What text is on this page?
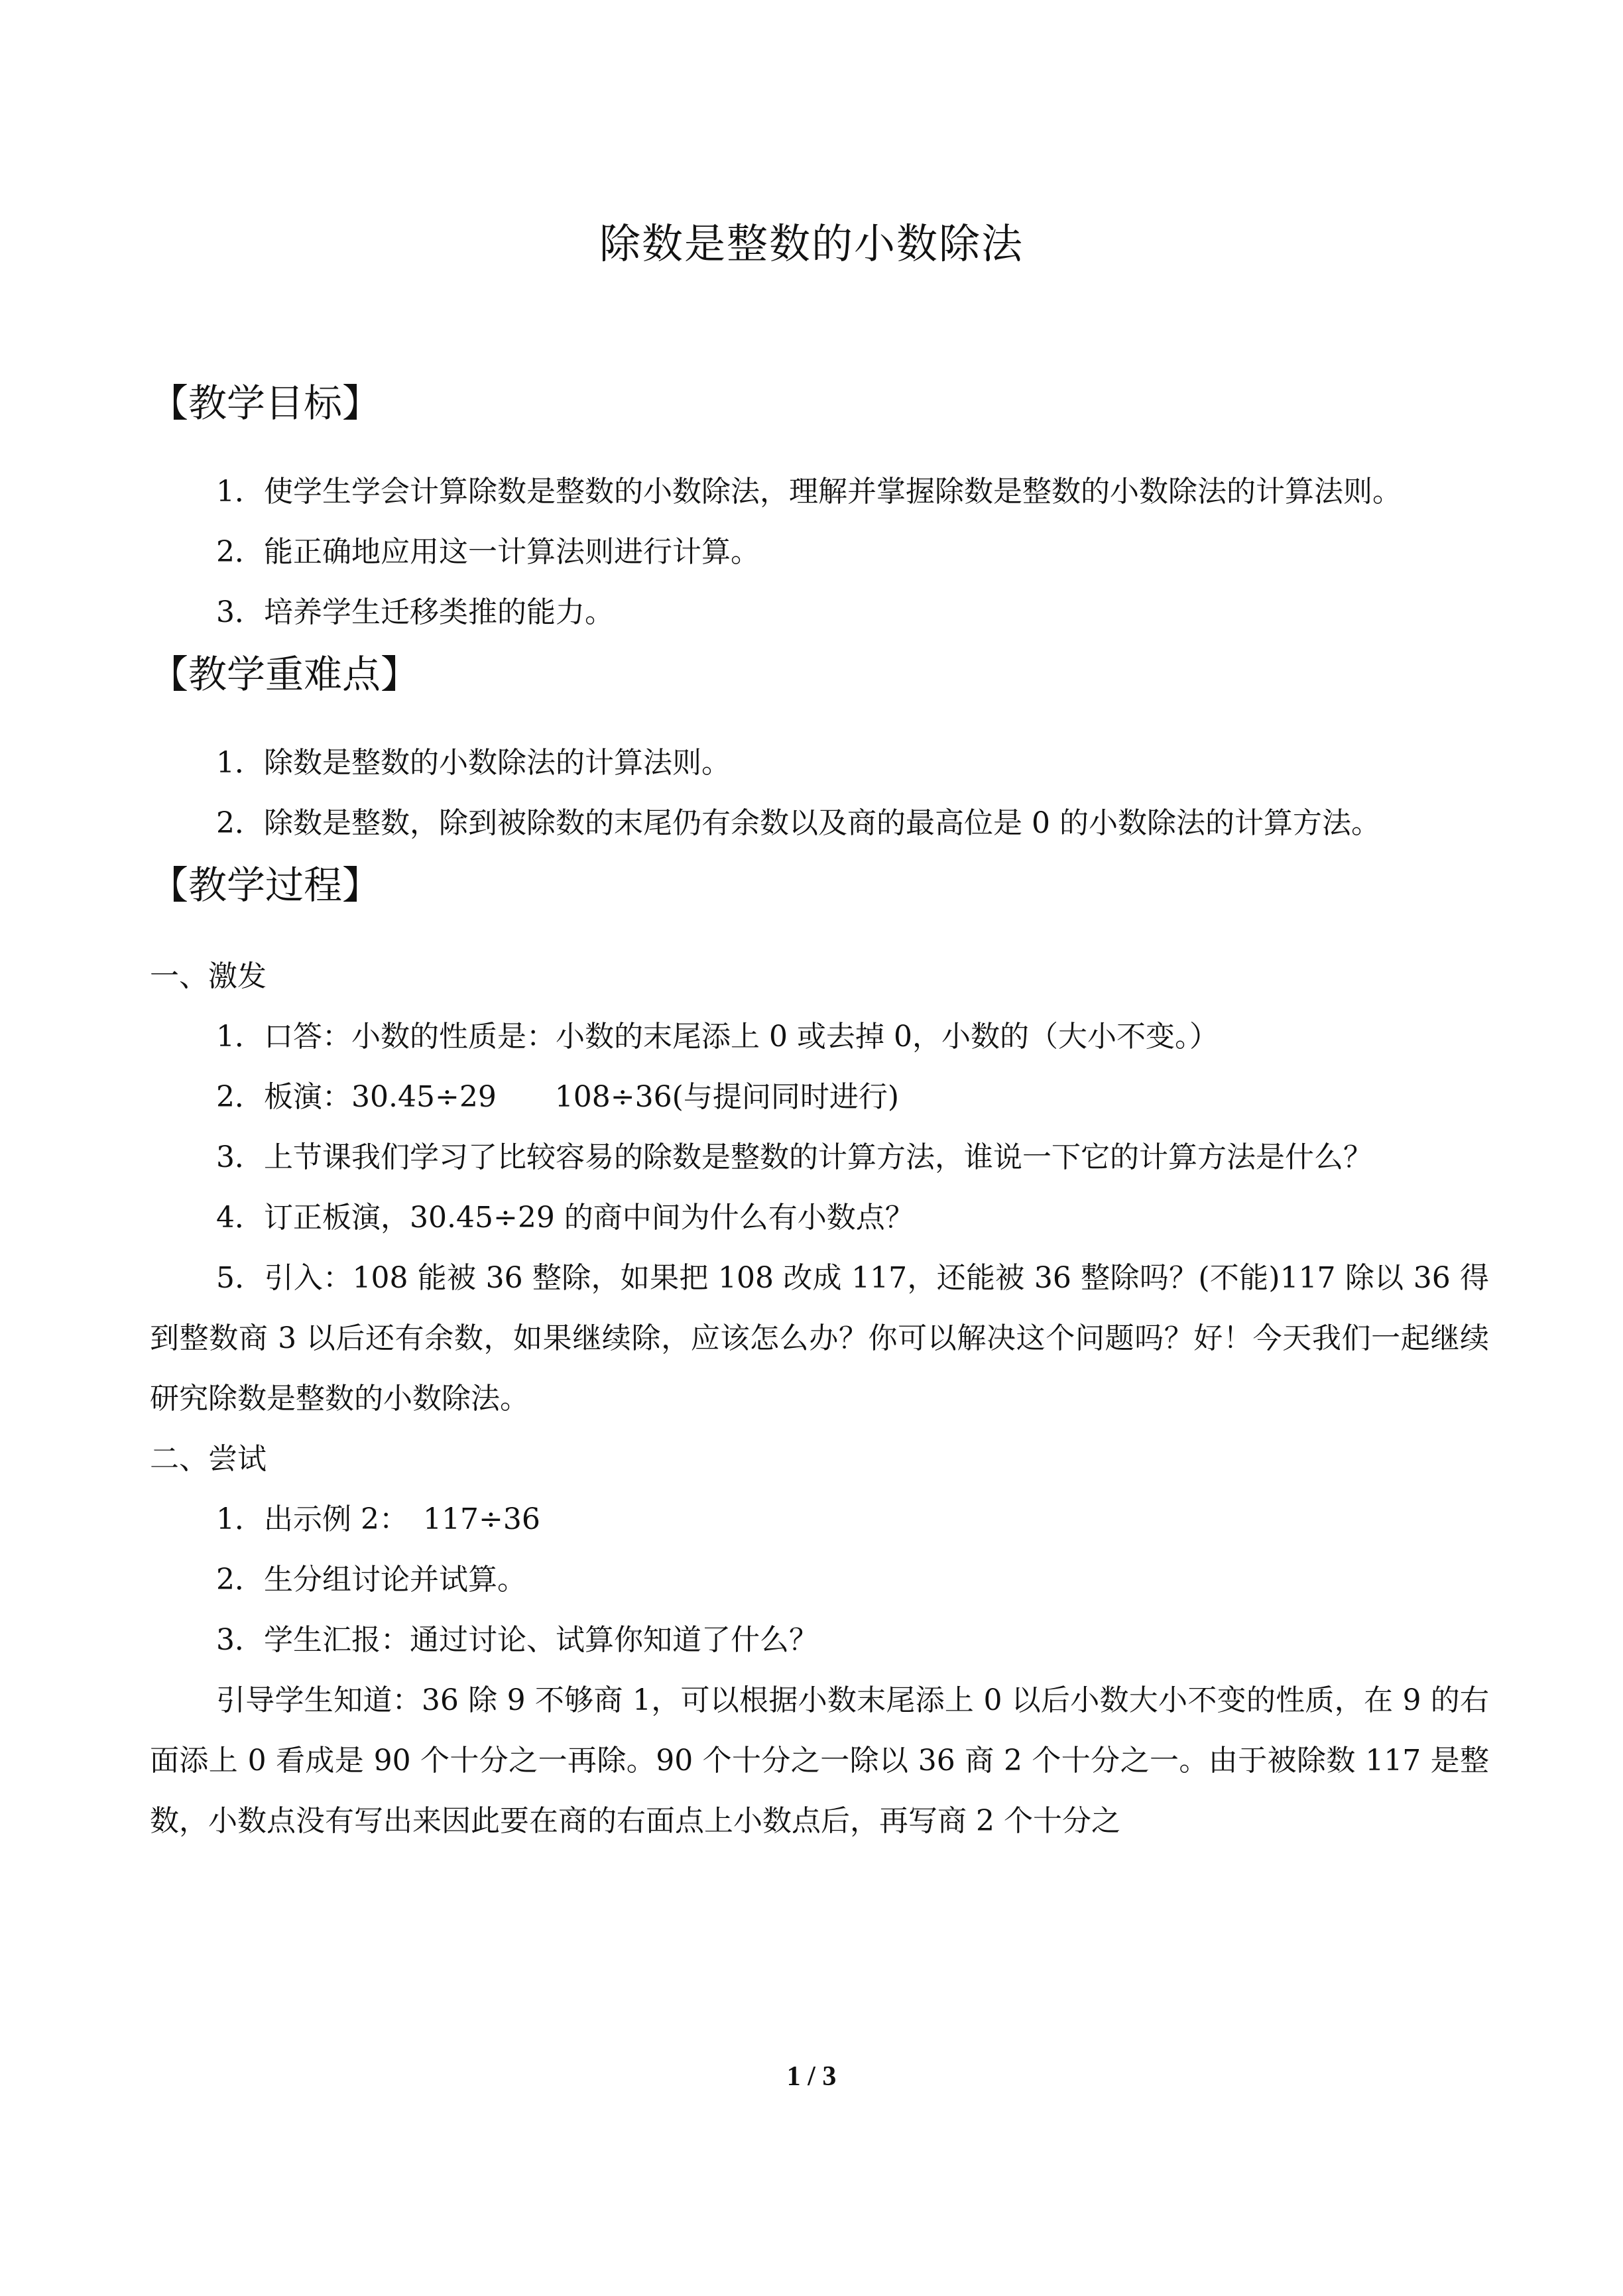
除数是整数的小数除法
【教学目标】

1．使学生学会计算除数是整数的小数除法，理解并掌握除数是整数的小数除法的计算法则。

2．能正确地应用这一计算法则进行计算。

3．培养学生迁移类推的能力。

【教学重难点】

1．除数是整数的小数除法的计算法则。

2．除数是整数，除到被除数的末尾仍有余数以及商的最高位是 0 的小数除法的计算方法。

【教学过程】

一、激发

1．口答：小数的性质是：小数的末尾添上 0 或去掉 0，小数的（大小不变。）

2．板演：30.45÷29　　108÷36(与提问同时进行)

3．上节课我们学习了比较容易的除数是整数的计算方法，谁说一下它的计算方法是什么？

4．订正板演，30.45÷29 的商中间为什么有小数点？

5．引入：108 能被 36 整除，如果把 108 改成 117，还能被 36 整除吗？(不能)117 除以 36 得到整数商 3 以后还有余数，如果继续除，应该怎么办？你可以解决这个问题吗？好！今天我们一起继续研究除数是整数的小数除法。

二、尝试

1．出示例 2：　117÷36

2．生分组讨论并试算。

3．学生汇报：通过讨论、试算你知道了什么？

引导学生知道：36 除 9 不够商 1，可以根据小数末尾添上 0 以后小数大小不变的性质，在 9 的右面添上 0 看成是 90 个十分之一再除。90 个十分之一除以 36 商 2 个十分之一。由于被除数 117 是整数，小数点没有写出来因此要在商的右面点上小数点后，再写商 2 个十分之

1 / 3
